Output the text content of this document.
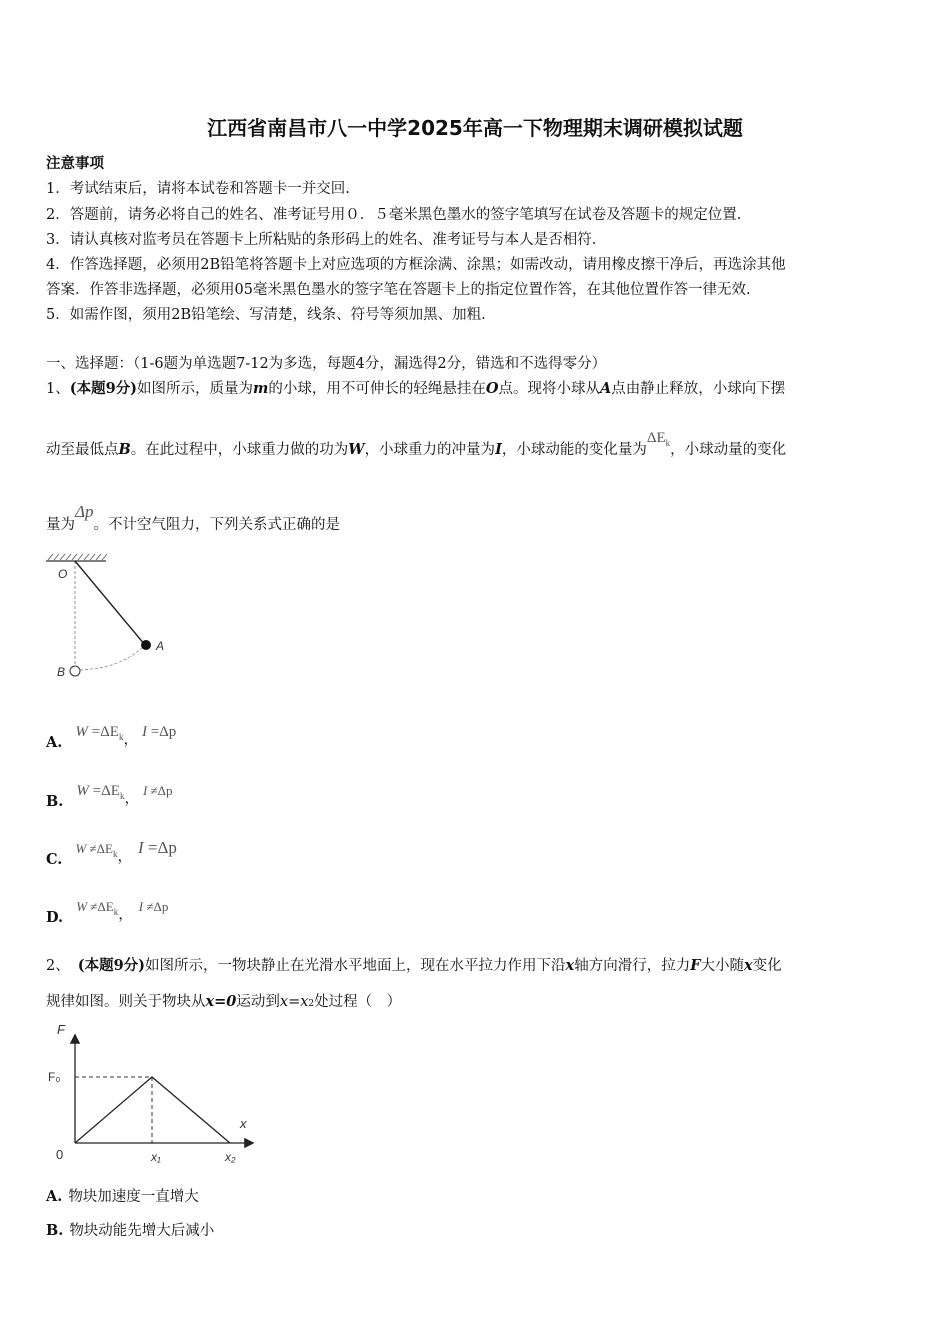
江西省南昌市八一中学2025年高一下物理期末调研模拟试题
注意事项
1．考试结束后，请将本试卷和答题卡一并交回.
2．答题前，请务必将自己的姓名、准考证号用０．５毫米黑色墨水的签字笔填写在试卷及答题卡的规定位置.
3．请认真核对监考员在答题卡上所粘贴的条形码上的姓名、准考证号与本人是否相符.
4．作答选择题，必须用2B铅笔将答题卡上对应选项的方框涂满、涂黑；如需改动，请用橡皮擦干净后，再选涂其他
答案．作答非选择题，必须用05毫米黑色墨水的签字笔在答题卡上的指定位置作答，在其他位置作答一律无效.
5．如需作图，须用2B铅笔绘、写清楚，线条、符号等须加黑、加粗.
一、选择题：（1-6题为单选题7-12为多选，每题4分，漏选得2分，错选和不选得零分）
1、(本题9分)如图所示，质量为m的小球，用不可伸长的轻绳悬挂在O点。现将小球从A点由静止释放，小球向下摆
动至最低点B。在此过程中，小球重力做的功为W，小球重力的冲量为I，小球动能的变化量为$\Delta E_k$，小球动量的变化
量为Δp。不计空气阻力，下列关系式正确的是
O
A
B
A. $W =\Delta E_k$， I =Δp
B. $W =\Delta E_k$，I ≠Δp
C. $W \ne\Delta E_k$， I =Δp
D. $W \ne\Delta E_k$，I ≠Δp
2、 (本题9分)如图所示，一物块静止在光滑水平地面上，现在水平拉力作用下沿x轴方向滑行，拉力F大小随x变化
规律如图。则关于物块从x=0运动到x=x2处过程（　）
F
F₀
x
0	x₁	x₂
A. 物块加速度一直增大
B. 物块动能先增大后减小
